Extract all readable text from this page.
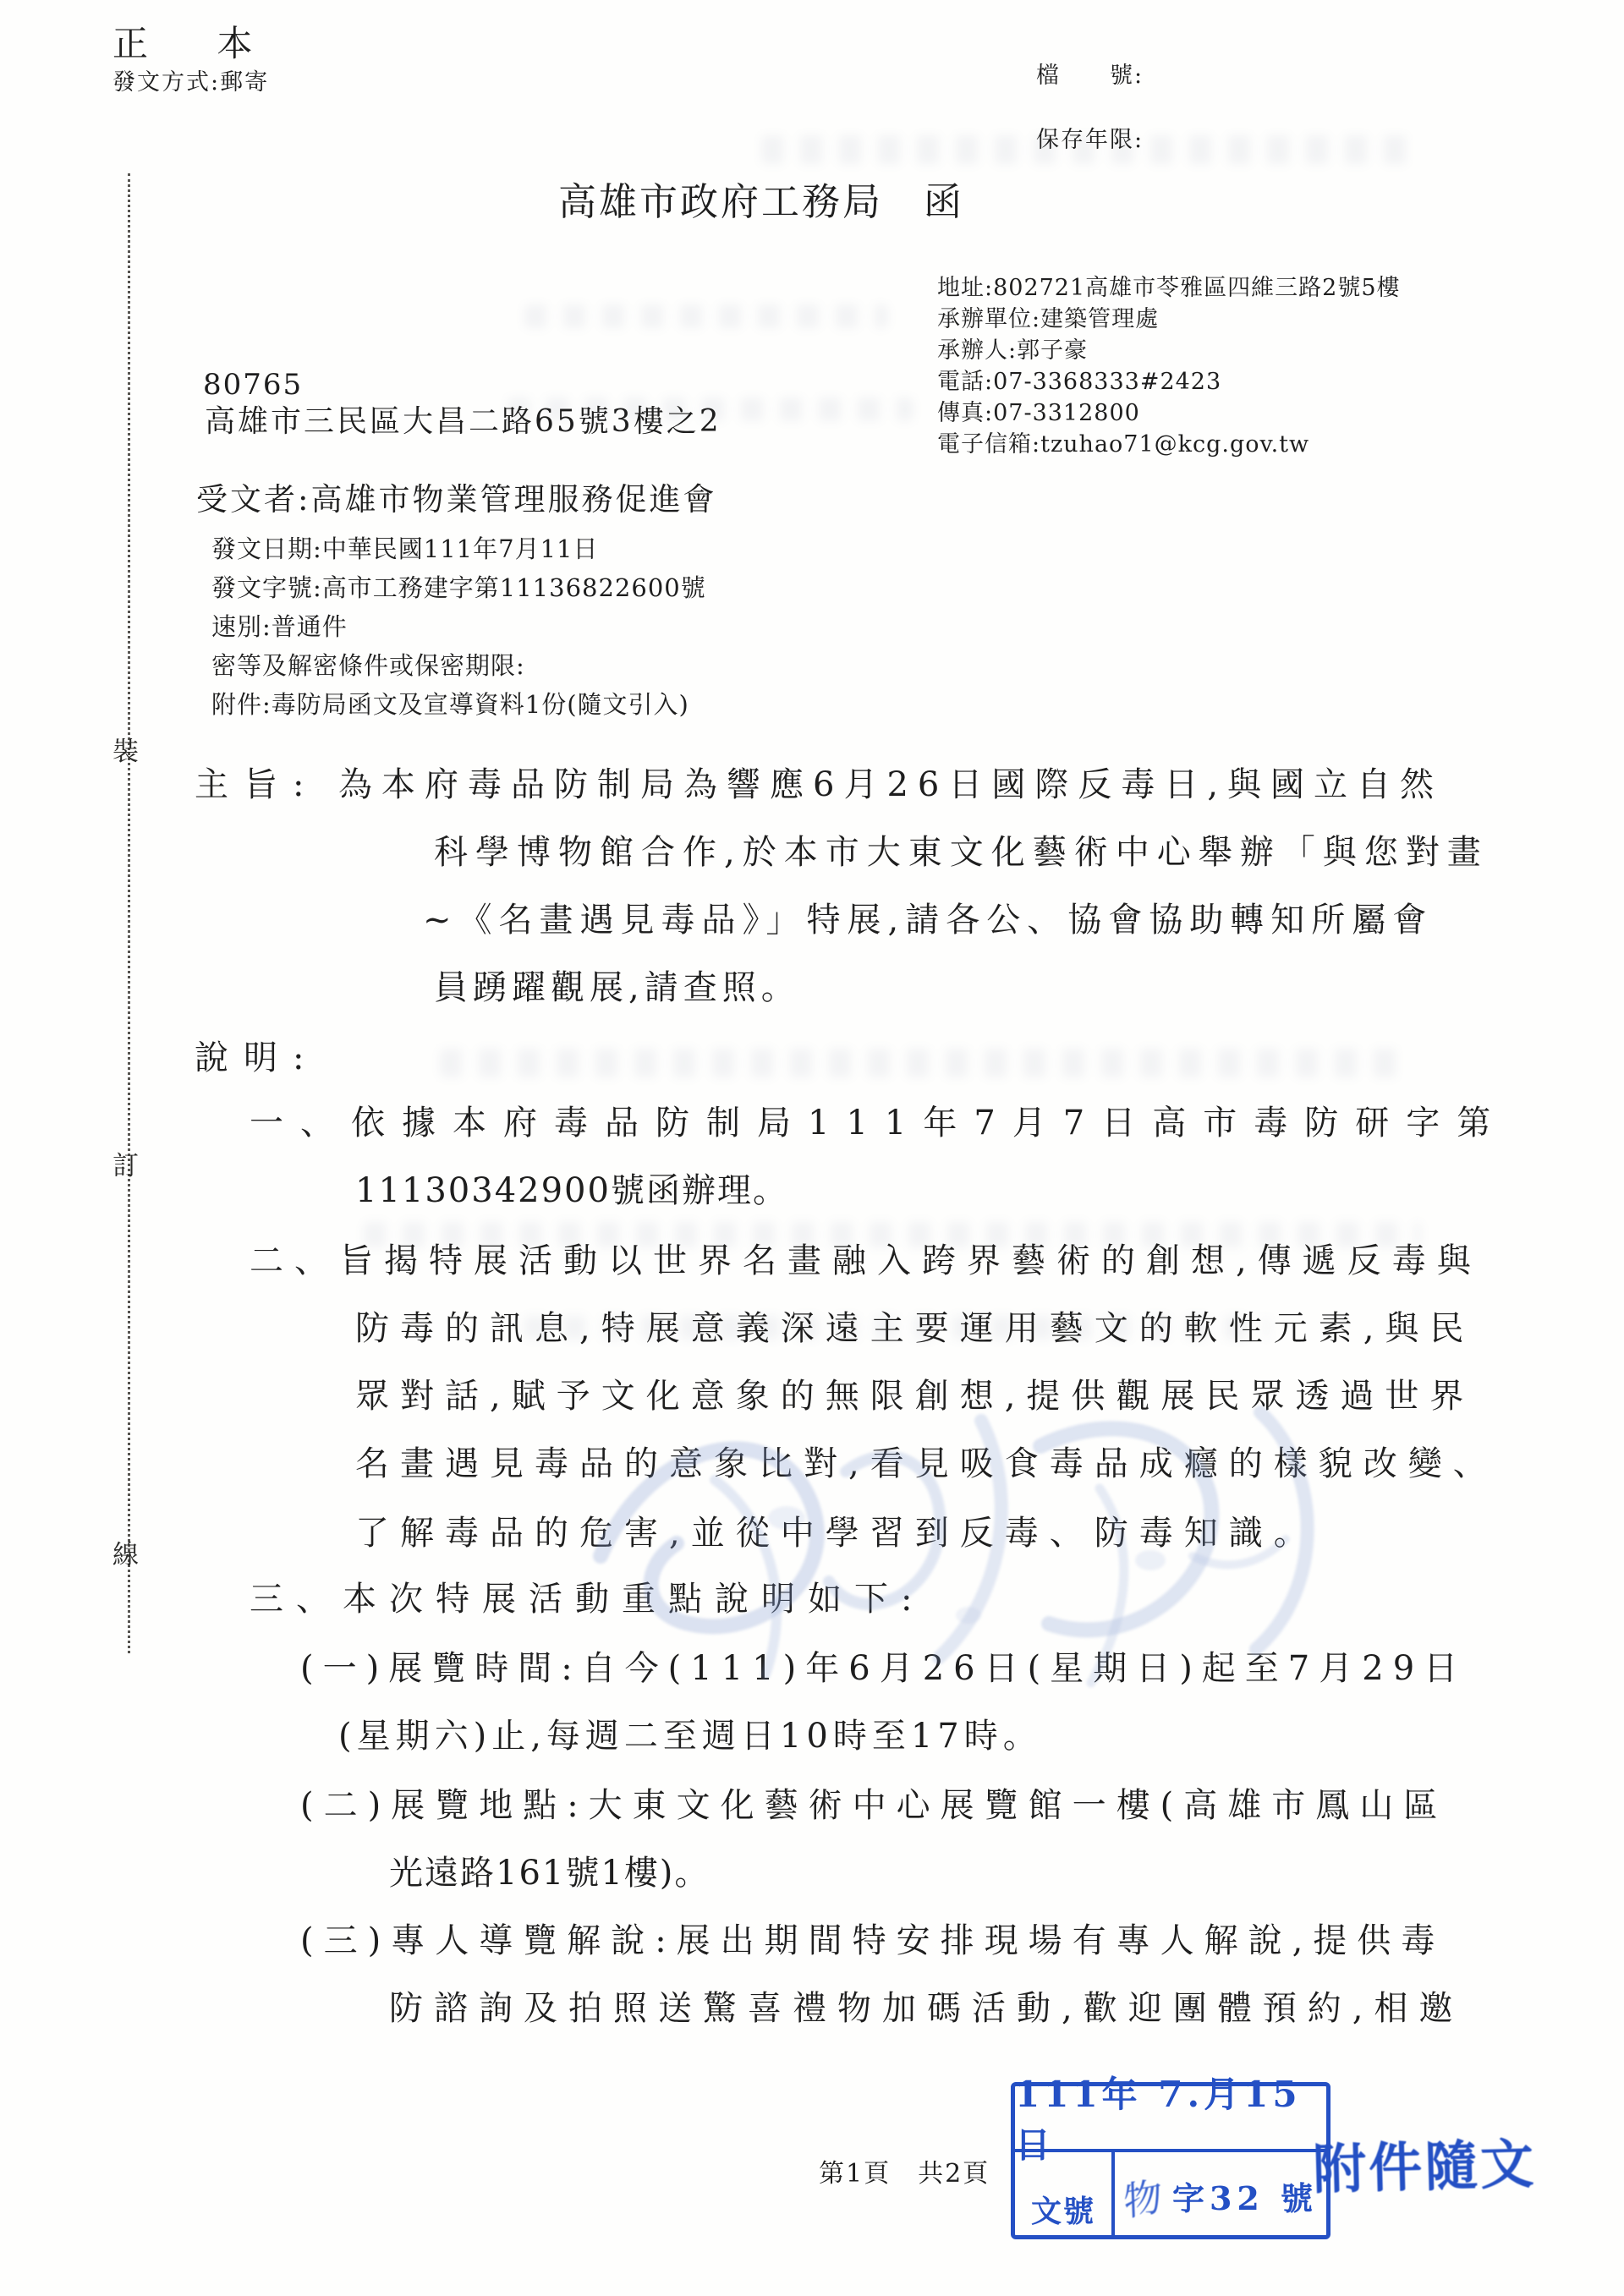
裝
訂
線
正 本
發文方式:郵寄	檔　　號:
保存年限:
高雄市政府工務局　函
地址:802721高雄市苓雅區四維三路2號5樓
承辦單位:建築管理處
承辦人:郭子豪
電話:07-3368333#2423
傳真:07-3312800
電子信箱:tzuhao71@kcg.gov.tw
80765
高雄市三民區大昌二路65號3樓之2
受文者:高雄市物業管理服務促進會
發文日期:中華民國111年7月11日
發文字號:高市工務建字第11136822600號
速別:普通件
密等及解密條件或保密期限:
附件:毒防局函文及宣導資料1份(隨文引入)
主旨: 為本府毒品防制局為響應6月26日國際反毒日,與國立自然
科學博物館合作,於本市大東文化藝術中心舉辦「與您對畫
~《名畫遇見毒品》」特展,請各公、協會協助轉知所屬會
員踴躍觀展,請查照。
說明:
一、依據本府毒品防制局111年7月7日高市毒防研字第
11130342900號函辦理。
二、旨揭特展活動以世界名畫融入跨界藝術的創想,傳遞反毒與
防毒的訊息,特展意義深遠主要運用藝文的軟性元素,與民
眾對話,賦予文化意象的無限創想,提供觀展民眾透過世界
名畫遇見毒品的意象比對,看見吸食毒品成癮的樣貌改變、
了解毒品的危害,並從中學習到反毒、防毒知識。
三、本次特展活動重點說明如下:
(一)展覽時間:自今(111)年6月26日(星期日)起至7月29日
(星期六)止,每週二至週日10時至17時。
(二)展覽地點:大東文化藝術中心展覽館一樓(高雄市鳳山區
光遠路161號1樓)。
(三)專人導覽解說:展出期間特安排現場有專人解說,提供毒
防諮詢及拍照送驚喜禮物加碼活動,歡迎團體預約,相邀
第1頁　共2頁
111年 7.月15日
文號 物 字32 號
附件隨文
